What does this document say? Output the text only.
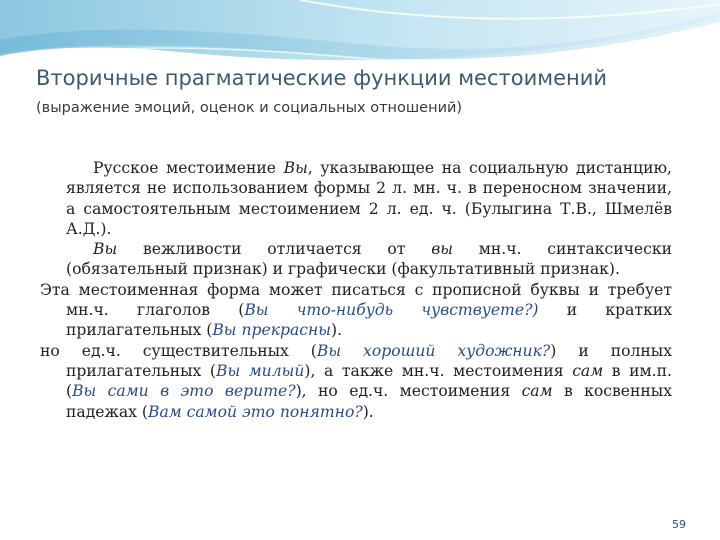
Вторичные прагматические функции местоимений
(выражение эмоций, оценок и социальных отношений)

Русское местоимение Вы, указывающее на социальную дистанцию, является не использованием формы 2 л. мн. ч. в переносном значении, а самостоятельным местоимением 2 л. ед. ч. (Булыгина Т.В., Шмелёв А.Д.).

Вы вежливости отличается от вы мн.ч. синтаксически (обязательный признак) и графически (факультативный признак).

Эта местоименная форма может писаться с прописной буквы и требует мн.ч. глаголов (Вы что-нибудь чувствуете?) и кратких прилагательных (Вы прекрасны).

но ед.ч. существительных (Вы хороший художник?) и полных прилагательных (Вы милый), а также мн.ч. местоимения сам в им.п. (Вы сами в это верите?), но ед.ч. местоимения сам в косвенных падежах (Вам самой это понятно?).

59
